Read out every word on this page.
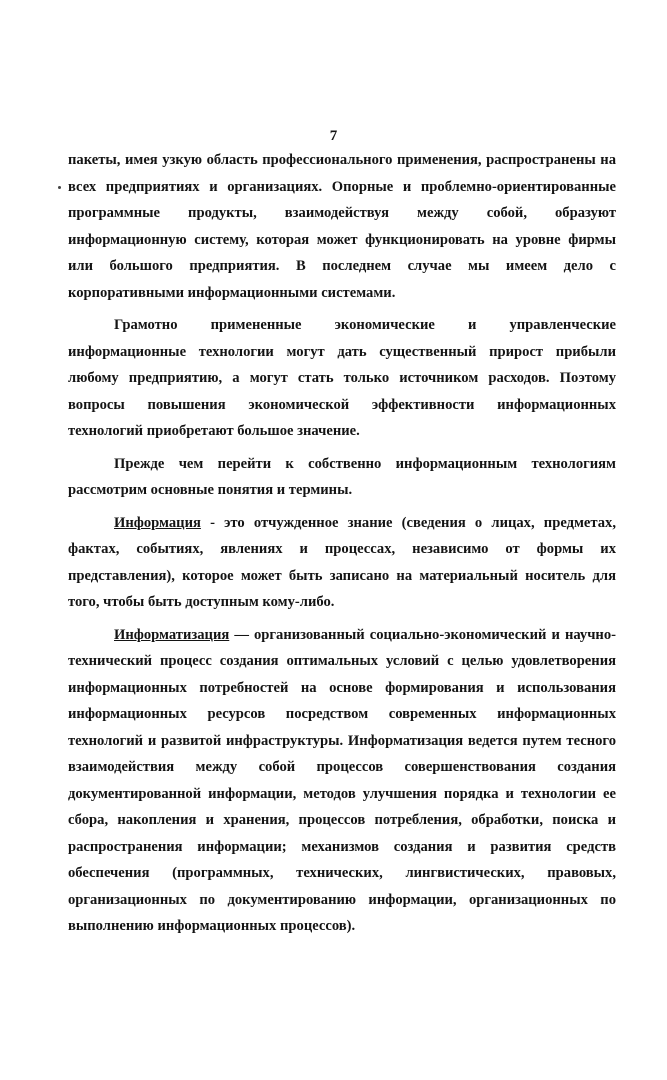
7

пакеты, имея узкую область профессионального применения, распространены на всех предприятиях и организациях. Опорные и проблемно-ориентированные программные продукты, взаимодействуя между собой, образуют информационную систему, которая может функционировать на уровне фирмы или большого предприятия. В последнем случае мы имеем дело с корпоративными информационными системами.

Грамотно примененные экономические и управленческие информационные технологии могут дать существенный прирост прибыли любому предприятию, а могут стать только источником расходов. Поэтому вопросы повышения экономической эффективности информационных технологий приобретают большое значение.

Прежде чем перейти к собственно информационным технологиям рассмотрим основные понятия и термины.

Информация - это отчужденное знание (сведения о лицах, предметах, фактах, событиях, явлениях и процессах, независимо от формы их представления), которое может быть записано на материальный носитель для того, чтобы быть доступным кому-либо.

Информатизация — организованный социально-экономический и научно-технический процесс создания оптимальных условий с целью удовлетворения информационных потребностей на основе формирования и использования информационных ресурсов посредством современных информационных технологий и развитой инфраструктуры. Информатизация ведется путем тесного взаимодействия между собой процессов совершенствования создания документированной информации, методов улучшения порядка и технологии ее сбора, накопления и хранения, процессов потребления, обработки, поиска и распространения информации; механизмов создания и развития средств обеспечения (программных, технических, лингвистических, правовых, организационных по документированию информации, организационных по выполнению информационных процессов).
